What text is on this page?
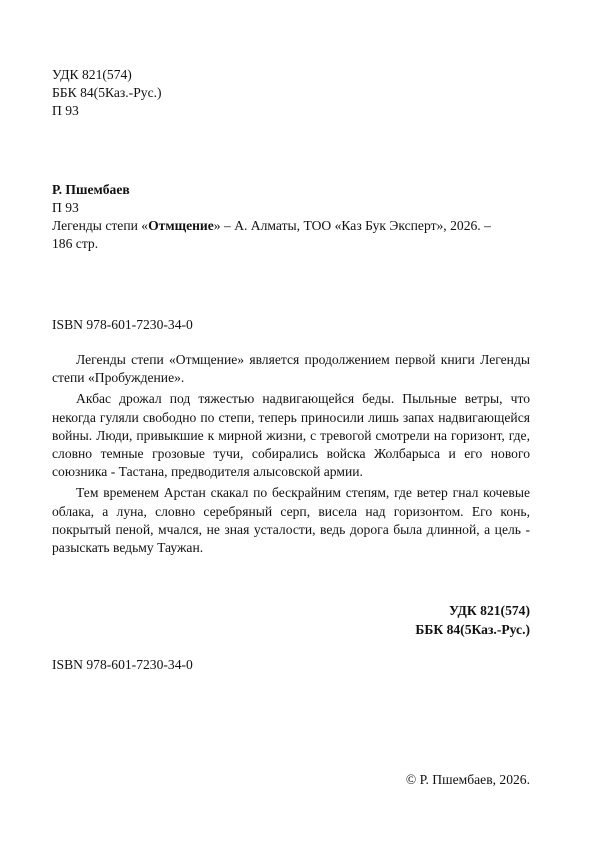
УДК 821(574)
ББК 84(5Каз.-Рус.)
П 93
Р. Пшембаев
П 93
Легенды степи «Отмщение» – А. Алматы, ТОО «Каз Бук Эксперт», 2026. –
186 стр.
ISBN 978-601-7230-34-0

Легенды степи «Отмщение» является продолжением первой книги Легенды степи «Пробуждение».

Акбас дрожал под тяжестью надвигающейся беды. Пыльные ветры, что некогда гуляли свободно по степи, теперь приносили лишь запах надвигающейся войны. Люди, привыкшие к мирной жизни, с тревогой смотрели на горизонт, где, словно темные грозовые тучи, собирались войска Жолбарыса и его нового союзника - Тастана, предводителя алысовской армии.

Тем временем Арстан скакал по бескрайним степям, где ветер гнал кочевые облака, а луна, словно серебряный серп, висела над горизонтом. Его конь, покрытый пеной, мчался, не зная усталости, ведь дорога была длинной, а цель - разыскать ведьму Таужан.

УДК 821(574)
ББК 84(5Каз.-Рус.)
ISBN 978-601-7230-34-0
© Р. Пшембаев, 2026.
